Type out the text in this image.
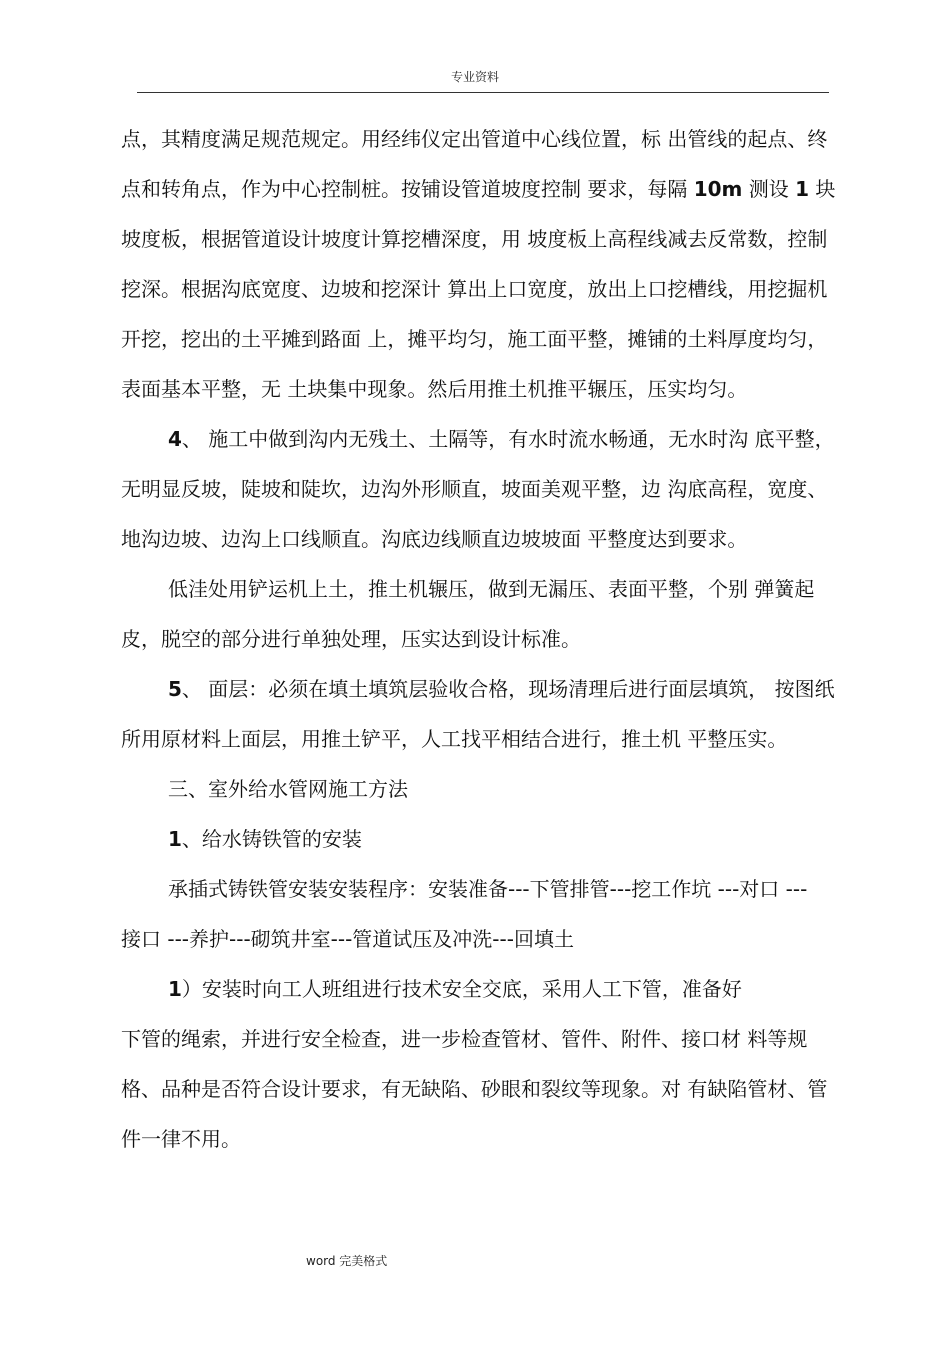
专业资料
点，其精度满足规范规定。用经纬仪定出管道中心线位置，标 出管线的起点、终
点和转角点，作为中心控制桩。按铺设管道坡度控制 要求，每隔 10m 测设 1 块
坡度板，根据管道设计坡度计算挖槽深度，用 坡度板上高程线减去反常数，控制
挖深。根据沟底宽度、边坡和挖深计 算出上口宽度，放出上口挖槽线，用挖掘机
开挖，挖出的土平摊到路面 上，摊平均匀，施工面平整，摊铺的土料厚度均匀，
表面基本平整，无 土块集中现象。然后用推土机推平辗压，压实均匀。
4、 施工中做到沟内无残土、土隔等，有水时流水畅通，无水时沟 底平整，
无明显反坡，陡坡和陡坎，边沟外形顺直，坡面美观平整，边 沟底高程，宽度、
地沟边坡、边沟上口线顺直。沟底边线顺直边坡坡面 平整度达到要求。
低洼处用铲运机上土，推土机辗压，做到无漏压、表面平整，个别 弹簧起
皮，脱空的部分进行单独处理，压实达到设计标准。
5、 面层：必须在填土填筑层验收合格，现场清理后进行面层填筑， 按图纸
所用原材料上面层，用推土铲平，人工找平相结合进行，推土机 平整压实。
三、室外给水管网施工方法
1、给水铸铁管的安装
承插式铸铁管安装安装程序：安装准备---下管排管---挖工作坑 ---对口 ---
接口 ---养护---砌筑井室---管道试压及冲洗---回填土
1）安装时向工人班组进行技术安全交底，采用人工下管，准备好
下管的绳索，并进行安全检查，进一步检查管材、管件、附件、接口材 料等规
格、品种是否符合设计要求，有无缺陷、砂眼和裂纹等现象。对 有缺陷管材、管
件一律不用。
word 完美格式
